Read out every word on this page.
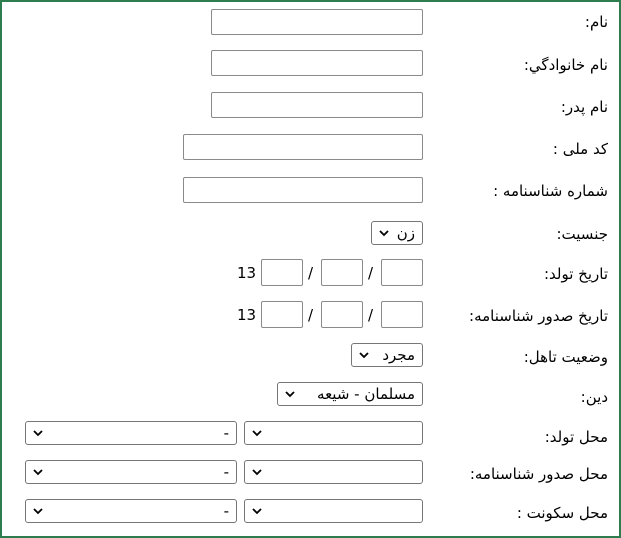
نام:
نام خانوادگي:
نام پدر:
کد ملی :
شماره شناسنامه :
جنسیت:
زن
تاریخ تولد:
/
/
13
تاریخ صدور شناسنامه:
/
/
13
وضعیت تاهل:
مجرد
دین:
مسلمان - شیعه
محل تولد:
-
محل صدور شناسنامه:
-
محل سکونت :
-
